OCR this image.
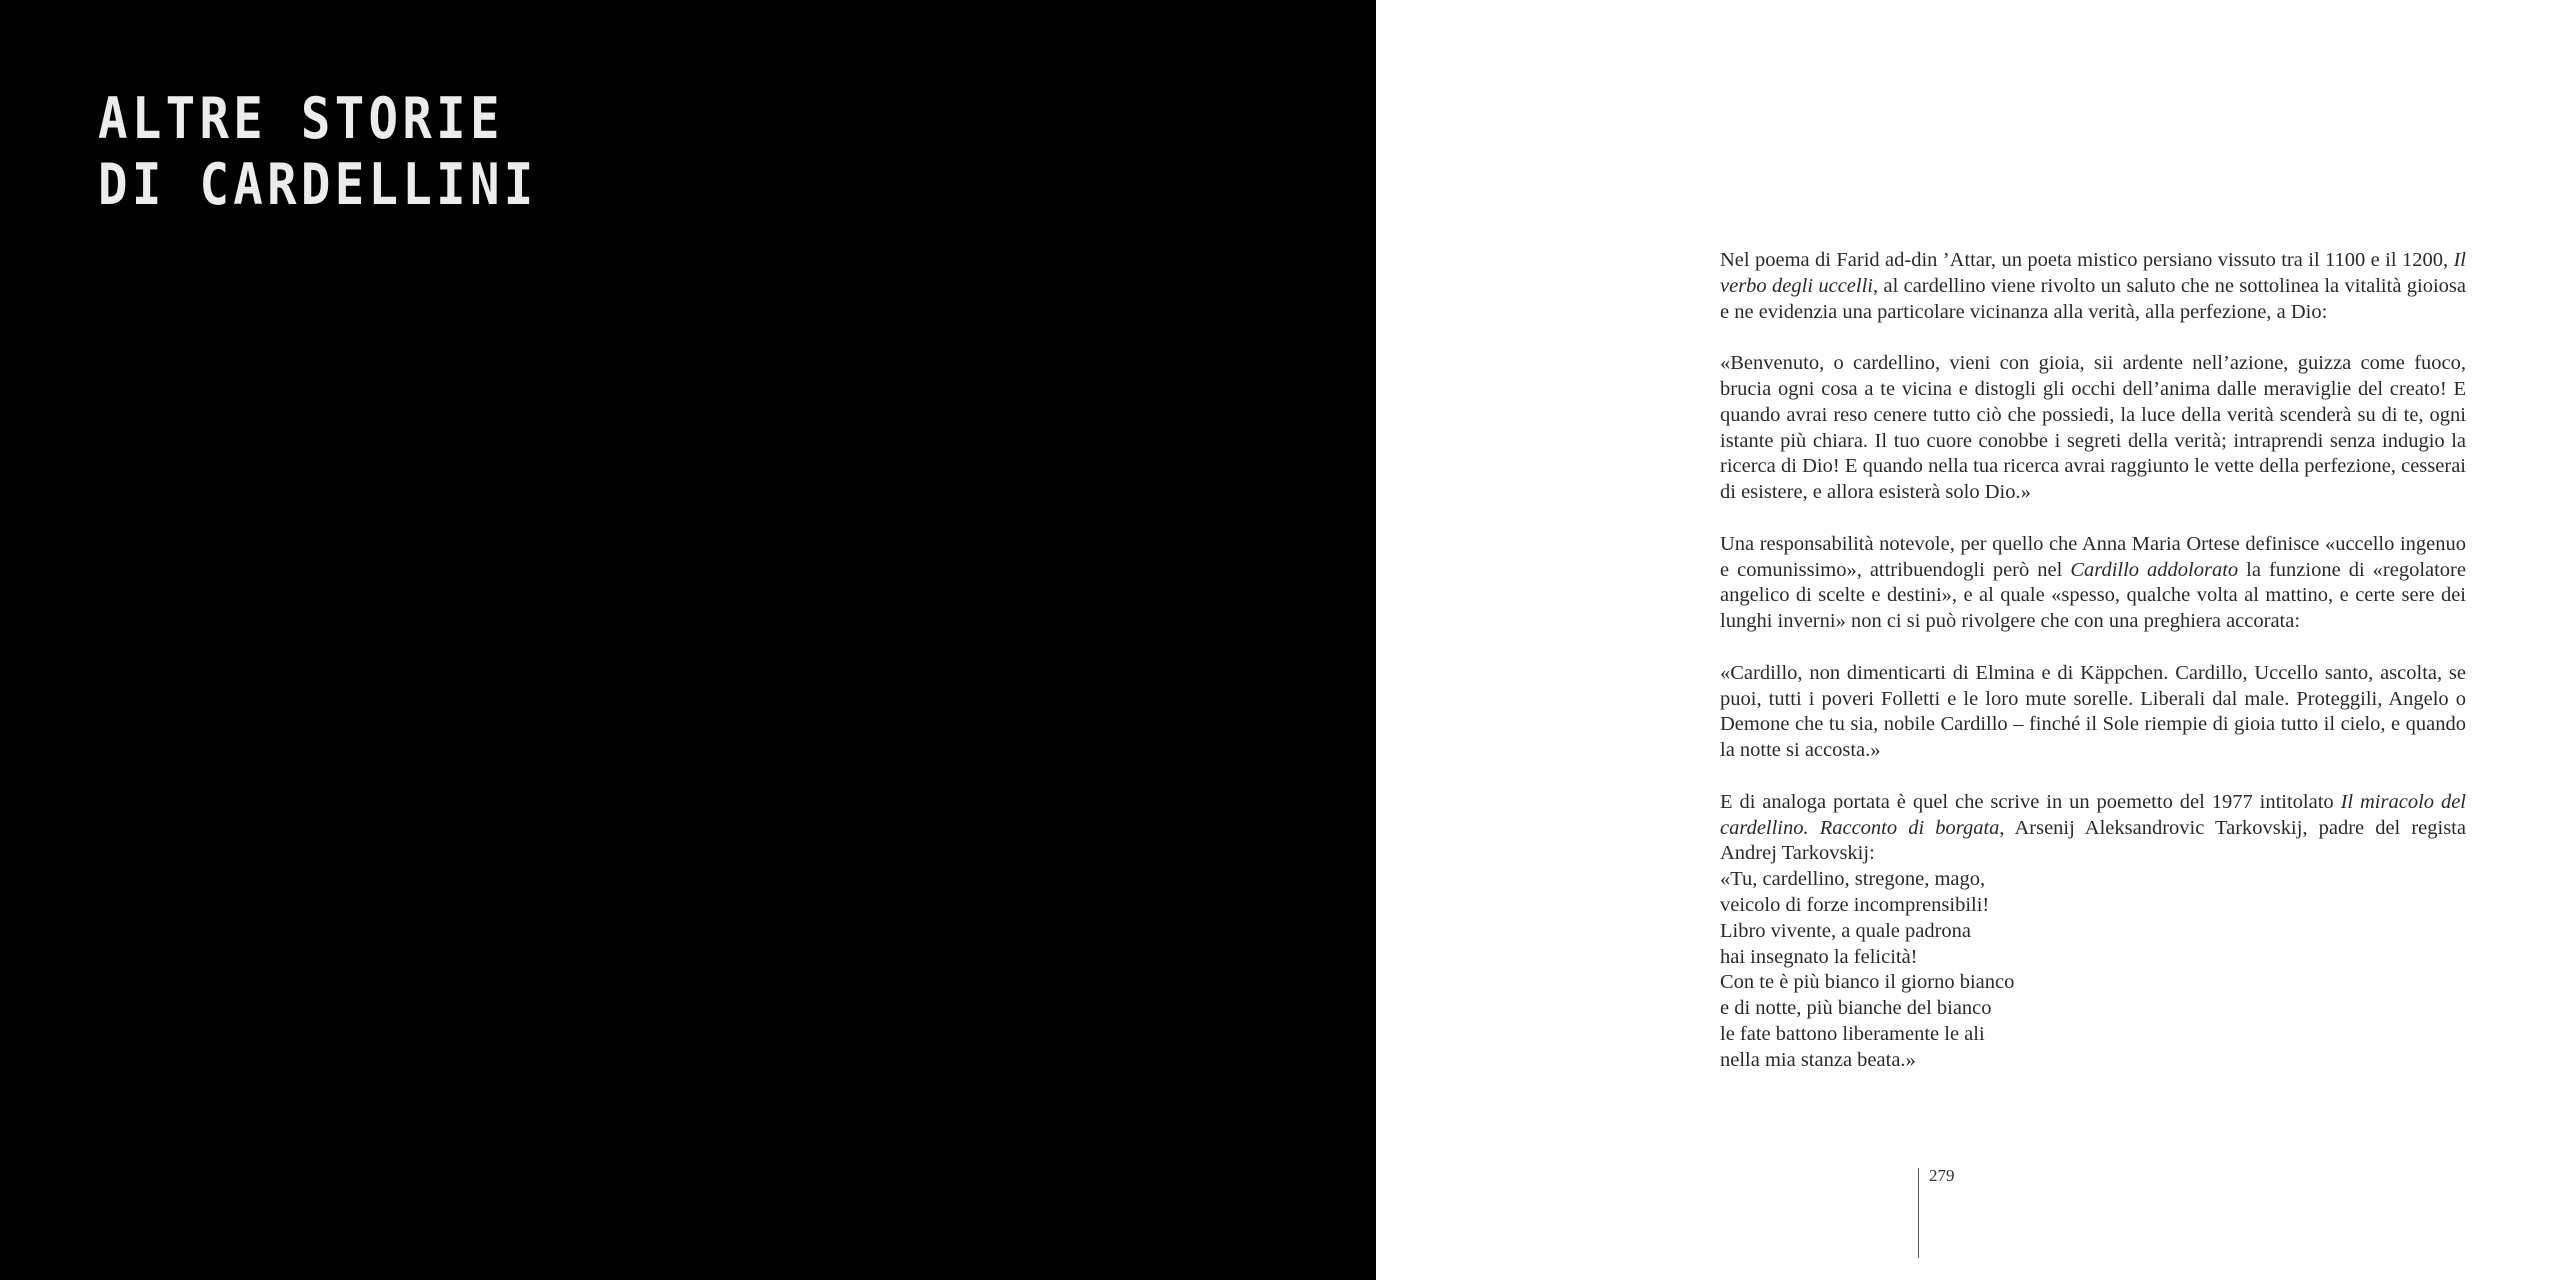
ALTRE STORIE
DI CARDELLINI

Nel poema di Farid ad-din ’Attar, un poeta mistico persiano vissuto tra il 1100 e il 1200, Il verbo degli uccelli, al cardellino viene rivolto un saluto che ne sottolinea la vitalità gioiosa e ne evidenzia una particolare vicinanza alla verità, alla perfezione, a Dio:

«Benvenuto, o cardellino, vieni con gioia, sii ardente nell’azione, guizza come fuoco, brucia ogni cosa a te vicina e distogli gli occhi dell’anima dalle meraviglie del creato! E quando avrai reso cenere tutto ciò che possiedi, la luce della verità scenderà su di te, ogni istante più chiara. Il tuo cuore conobbe i segreti della verità; intraprendi senza indugio la ricerca di Dio! E quando nella tua ricerca avrai raggiunto le vette della perfezione, cesserai di esistere, e allora esisterà solo Dio.»

Una responsabilità notevole, per quello che Anna Maria Ortese definisce «uccello ingenuo e comunissimo», attribuendogli però nel Cardillo addolorato la funzione di «regolatore angelico di scelte e destini», e al quale «spesso, qualche volta al mattino, e certe sere dei lunghi inverni» non ci si può rivolgere che con una preghiera accorata:

«Cardillo, non dimenticarti di Elmina e di Käppchen. Cardillo, Uccello santo, ascolta, se puoi, tutti i poveri Folletti e le loro mute sorelle. Liberali dal male. Proteggili, Angelo o Demone che tu sia, nobile Cardillo – finché il Sole riempie di gioia tutto il cielo, e quando la notte si accosta.»

E di analoga portata è quel che scrive in un poemetto del 1977 intitolato Il miracolo del cardellino. Racconto di borgata, Arsenij Aleksandrovic Tarkovskij, padre del regista Andrej Tarkovskij:

«Tu, cardellino, stregone, mago,
veicolo di forze incomprensibili!
Libro vivente, a quale padrona
hai insegnato la felicità!
Con te è più bianco il giorno bianco
e di notte, più bianche del bianco
le fate battono liberamente le ali
nella mia stanza beata.»
279
